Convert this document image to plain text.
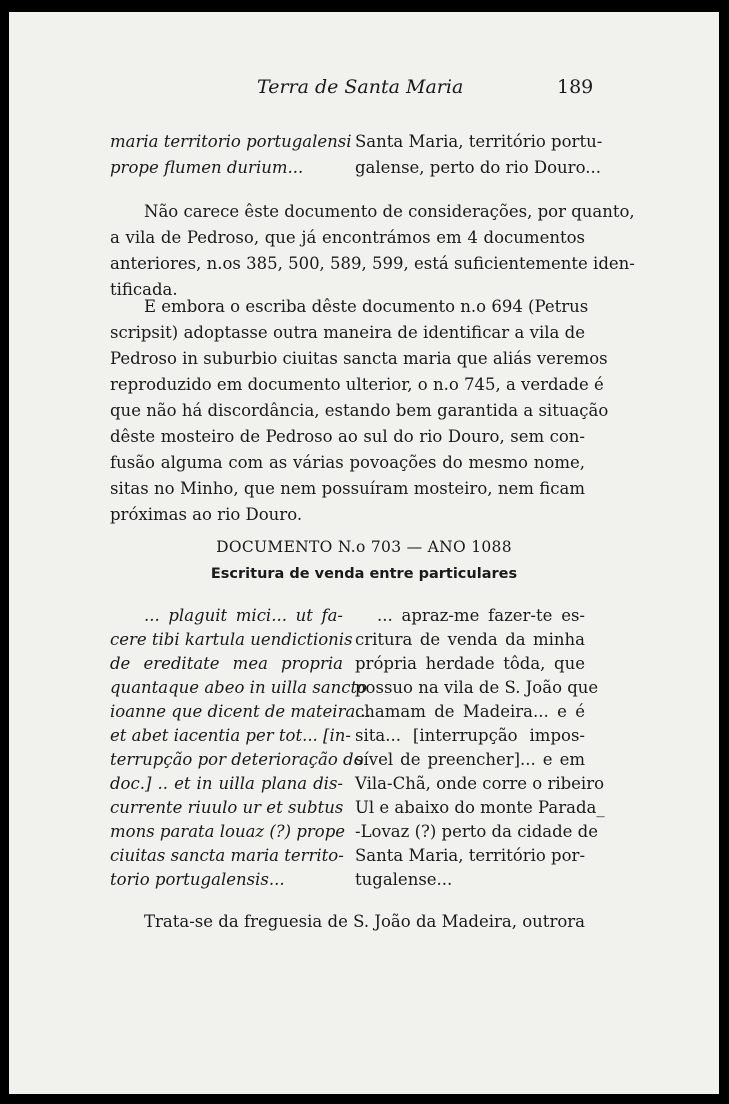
Terra de Santa Maria	189
maria territorio portugalensi
prope flumen durium...
Santa Maria, território portu-
galense, perto do rio Douro...
Não carece êste documento de considerações, por quanto,
a vila de Pedroso, que já encontrámos em 4 documentos
anteriores, n.os 385, 500, 589, 599, está suficientemente iden-
tificada.
E embora o escriba dêste documento n.o 694 (Petrus
scripsit) adoptasse outra maneira de identificar a vila de
Pedroso in suburbio ciuitas sancta maria que aliás veremos
reproduzido em documento ulterior, o n.o 745, a verdade é
que não há discordância, estando bem garantida a situação
dêste mosteiro de Pedroso ao sul do rio Douro, sem con-
fusão alguma com as várias povoações do mesmo nome,
sitas no Minho, que nem possuíram mosteiro, nem ficam
próximas ao rio Douro.
DOCUMENTO N.o 703 — ANO 1088
Escritura de venda entre particulares
... plaguit mici... ut fa-
cere tibi kartula uendictionis
de ereditate mea propria
quantaque abeo in uilla sancto
ioanne que dicent de mateira...
et abet iacentia per tot... [in-
terrupção por deterioração do
doc.] .. et in uilla plana dis-
currente riuulo ur et subtus
mons parata louaz (?) prope
ciuitas sancta maria territo-
torio portugalensis...
... apraz-me fazer-te es-
critura de venda da minha
própria herdade tôda, que
possuo na vila de S. João que
chamam de Madeira... e é
sita... [interrupção impos-
sível de preencher]... e em
Vila-Chã, onde corre o ribeiro
Ul e abaixo do monte Parada_
-Lovaz (?) perto da cidade de
Santa Maria, território por-
tugalense...
Trata-se da freguesia de S. João da Madeira, outrora
